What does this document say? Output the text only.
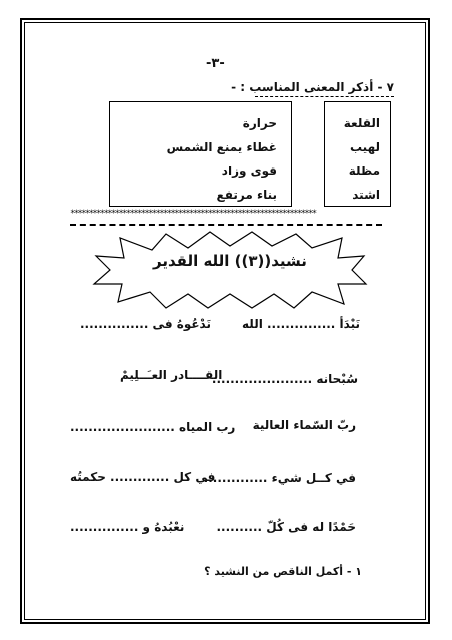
-٣-
٧ - أذكر المعنى المناسب : -
حرارة
غطاء يمنع الشمس
قوى وزاد
بناء مرتفع
القلعة
لهيب
مظلة
اشتد
******************************************************************
نشيد((٣)) الله القدير
نَبْدَأ ............... الله
نَدْعُوهُ فى ...............
سُبْحانه ......................
القــــادر العـَــلِيمْ
ربّ السّماء العالية
رب المياه .......................
في كــل شيء ..............
في كل ............. حكمتُه
حَمْدًا له فى كُلّ ..........
نعْبُدهُ و ...............
١ - أكمل الناقص من النشيد ؟
